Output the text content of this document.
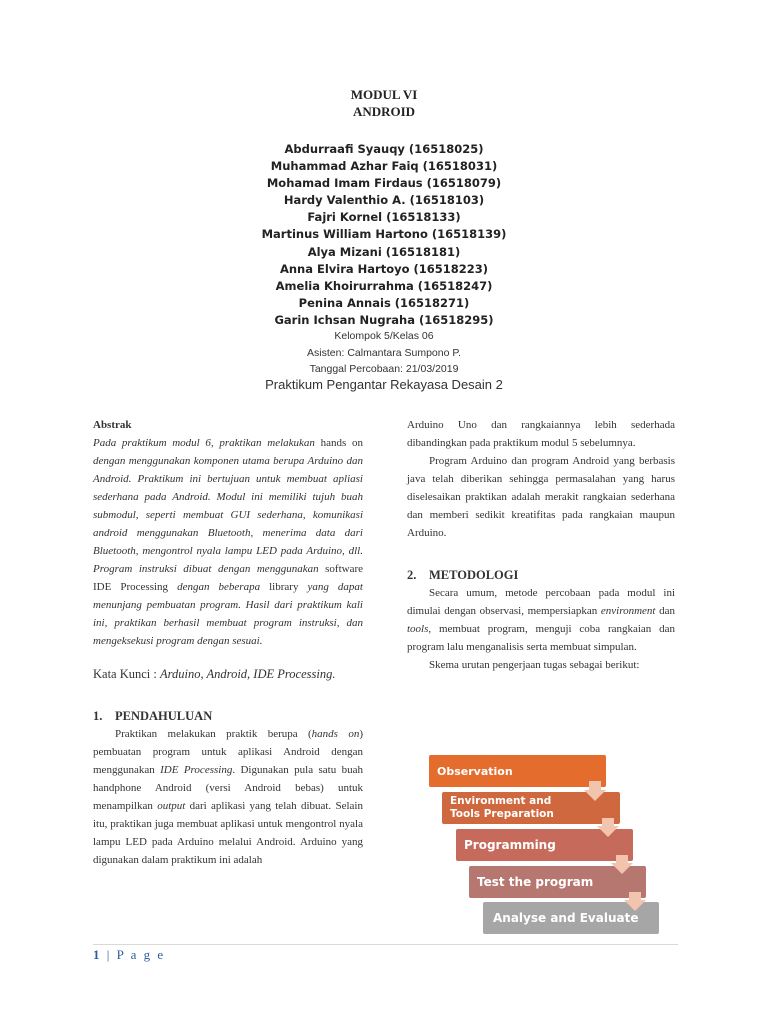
MODUL VI
ANDROID
Abdurraafi Syauqy (16518025)
Muhammad Azhar Faiq (16518031)
Mohamad Imam Firdaus (16518079)
Hardy Valenthio A. (16518103)
Fajri Kornel (16518133)
Martinus William Hartono (16518139)
Alya Mizani (16518181)
Anna Elvira Hartoyo (16518223)
Amelia Khoirurrahma (16518247)
Penina Annais (16518271)
Garin Ichsan Nugraha (16518295)
Kelompok 5/Kelas 06
Asisten: Calmantara Sumpono P.
Tanggal Percobaan: 21/03/2019
Praktikum Pengantar Rekayasa Desain 2

Abstrak

Pada praktikum modul 6, praktikan melakukan hands on dengan menggunakan komponen utama berupa Arduino dan Android. Praktikum ini bertujuan untuk membuat apliasi sederhana pada Android. Modul ini memiliki tujuh buah submodul, seperti membuat GUI sederhana, komunikasi android menggunakan Bluetooth, menerima data dari Bluetooth, mengontrol nyala lampu LED pada Arduino, dll. Program instruksi dibuat dengan menggunakan software IDE Processing dengan beberapa library yang dapat menunjang pembuatan program. Hasil dari praktikum kali ini, praktikan berhasil membuat program instruksi, dan mengeksekusi program dengan sesuai.

Kata Kunci : Arduino, Android, IDE Processing.

1. PENDAHULUAN

Praktikan melakukan praktik berupa (hands on) pembuatan program untuk aplikasi Android dengan menggunakan IDE Processing. Digunakan pula satu buah handphone Android (versi Android bebas) untuk menampilkan output dari aplikasi yang telah dibuat. Selain itu, praktikan juga membuat aplikasi untuk mengontrol nyala lampu LED pada Arduino melalui Android. Arduino yang digunakan dalam praktikum ini adalah

Arduino Uno dan rangkaiannya lebih sederhada dibandingkan pada praktikum modul 5 sebelumnya.

Program Arduino dan program Android yang berbasis java telah diberikan sehingga permasalahan yang harus diselesaikan praktikan adalah merakit rangkaian sederhana dan memberi sedikit kreatifitas pada rangkaian maupun Arduino.

2. METODOLOGI

Secara umum, metode percobaan pada modul ini dimulai dengan observasi, mempersiapkan environment dan tools, membuat program, menguji coba rangkaian dan program lalu menganalisis serta membuat simpulan.

Skema urutan pengerjaan tugas sebagai berikut:

Observation
Environment and Tools Preparation
Programming
Test the program
Analyse and Evaluate
1 | P a g e
